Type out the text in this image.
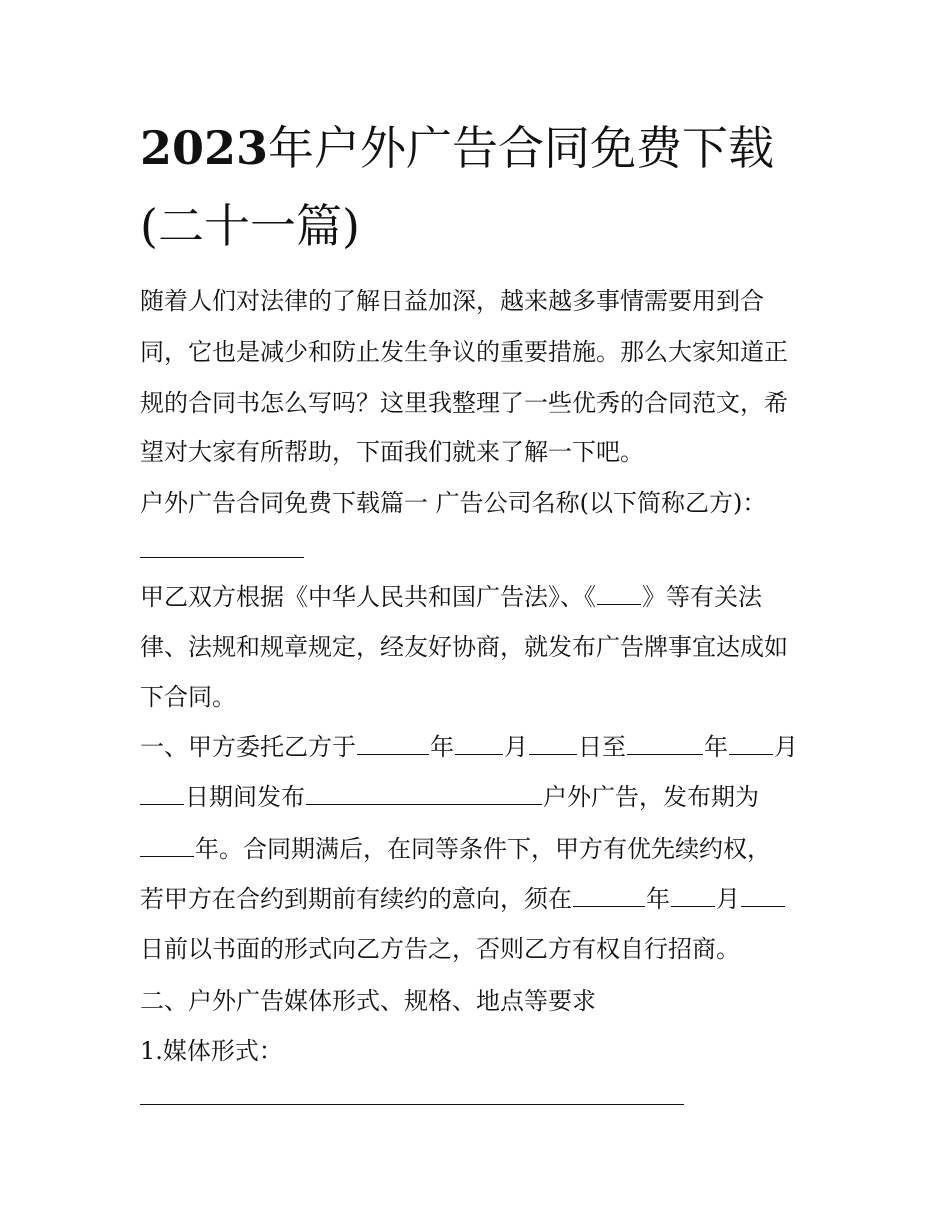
2023年户外广告合同免费下载
(二十一篇)
随着人们对法律的了解日益加深，越来越多事情需要用到合
同，它也是减少和防止发生争议的重要措施。那么大家知道正
规的合同书怎么写吗？这里我整理了一些优秀的合同范文，希
望对大家有所帮助，下面我们就来了解一下吧。
户外广告合同免费下载篇一 广告公司名称(以下简称乙方)：
甲乙双方根据《中华人民共和国广告法》、《 》等有关法
律、法规和规章规定，经友好协商，就发布广告牌事宜达成如
下合同。
一、甲方委托乙方于	年 月 日至	年 月
日期间发布	户外广告，发布期为
年。合同期满后，在同等条件下，甲方有优先续约权，
若甲方在合约到期前有续约的意向，须在	年 月
日前以书面的形式向乙方告之，否则乙方有权自行招商。
二、户外广告媒体形式、规格、地点等要求
1.媒体形式：
